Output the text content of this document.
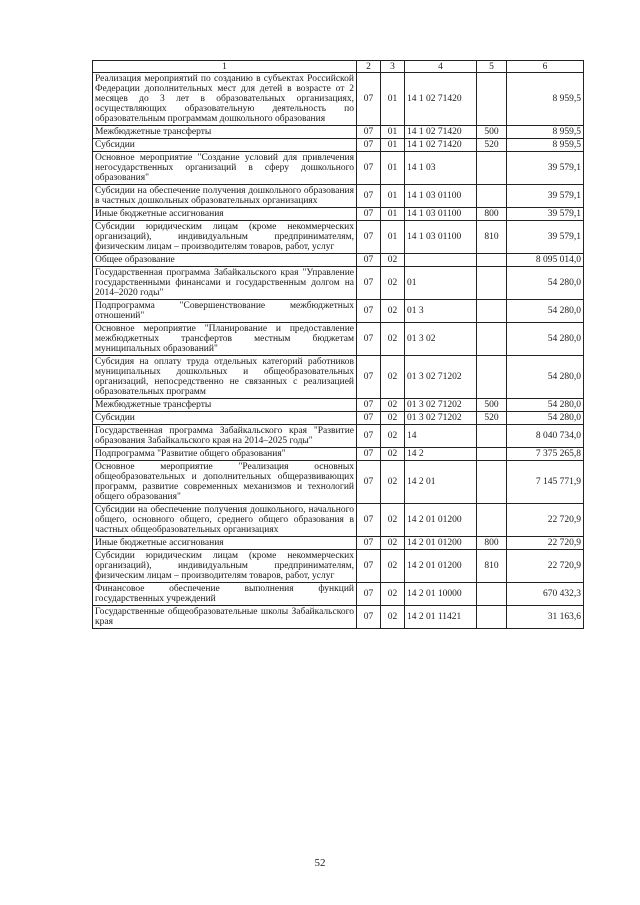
1	2	3	4	5	6
Реализация мероприятий по созданию в субъектах Российской Федерации дополнительных мест для детей в возрасте от 2 месяцев до 3 лет в образовательных организациях, осуществляющих образовательную деятельность по образовательным программам дошкольного образования	07	01	14 1 02 71420		8 959,5
Межбюджетные трансферты	07	01	14 1 02 71420	500	8 959,5
Субсидии	07	01	14 1 02 71420	520	8 959,5
Основное мероприятие "Создание условий для привлечения негосударственных организаций в сферу дошкольного образования"	07	01	14 1 03		39 579,1
Субсидии на обеспечение получения дошкольного образования в частных дошкольных образовательных организациях	07	01	14 1 03 01100		39 579,1
Иные бюджетные ассигнования	07	01	14 1 03 01100	800	39 579,1
Субсидии юридическим лицам (кроме некоммерческих организаций), индивидуальным предпринимателям, физическим лицам – производителям товаров, работ, услуг	07	01	14 1 03 01100	810	39 579,1
Общее образование	07	02			8 095 014,0
Государственная программа Забайкальского края "Управление государственными финансами и государственным долгом на 2014–2020 годы"	07	02	01		54 280,0
Подпрограмма "Совершенствование межбюджетных отношений"	07	02	01 3		54 280,0
Основное мероприятие "Планирование и предоставление межбюджетных трансфертов местным бюджетам муниципальных образований"	07	02	01 3 02		54 280,0
Субсидия на оплату труда отдельных категорий работников муниципальных дошкольных и общеобразовательных организаций, непосредственно не связанных с реализацией образовательных программ	07	02	01 3 02 71202		54 280,0
Межбюджетные трансферты	07	02	01 3 02 71202	500	54 280,0
Субсидии	07	02	01 3 02 71202	520	54 280,0
Государственная программа Забайкальского края "Развитие образования Забайкальского края на 2014–2025 годы"	07	02	14		8 040 734,0
Подпрограмма "Развитие общего образования"	07	02	14 2		7 375 265,8
Основное мероприятие "Реализация основных общеобразовательных и дополнительных общеразвивающих программ, развитие современных механизмов и технологий общего образования"	07	02	14 2 01		7 145 771,9
Субсидии на обеспечение получения дошкольного, начального общего, основного общего, среднего общего образования в частных общеобразовательных организациях	07	02	14 2 01 01200		22 720,9
Иные бюджетные ассигнования	07	02	14 2 01 01200	800	22 720,9
Субсидии юридическим лицам (кроме некоммерческих организаций), индивидуальным предпринимателям, физическим лицам – производителям товаров, работ, услуг	07	02	14 2 01 01200	810	22 720,9
Финансовое обеспечение выполнения функций государственных учреждений	07	02	14 2 01 10000		670 432,3
Государственные общеобразовательные школы Забайкальского края	07	02	14 2 01 11421		31 163,6
52
